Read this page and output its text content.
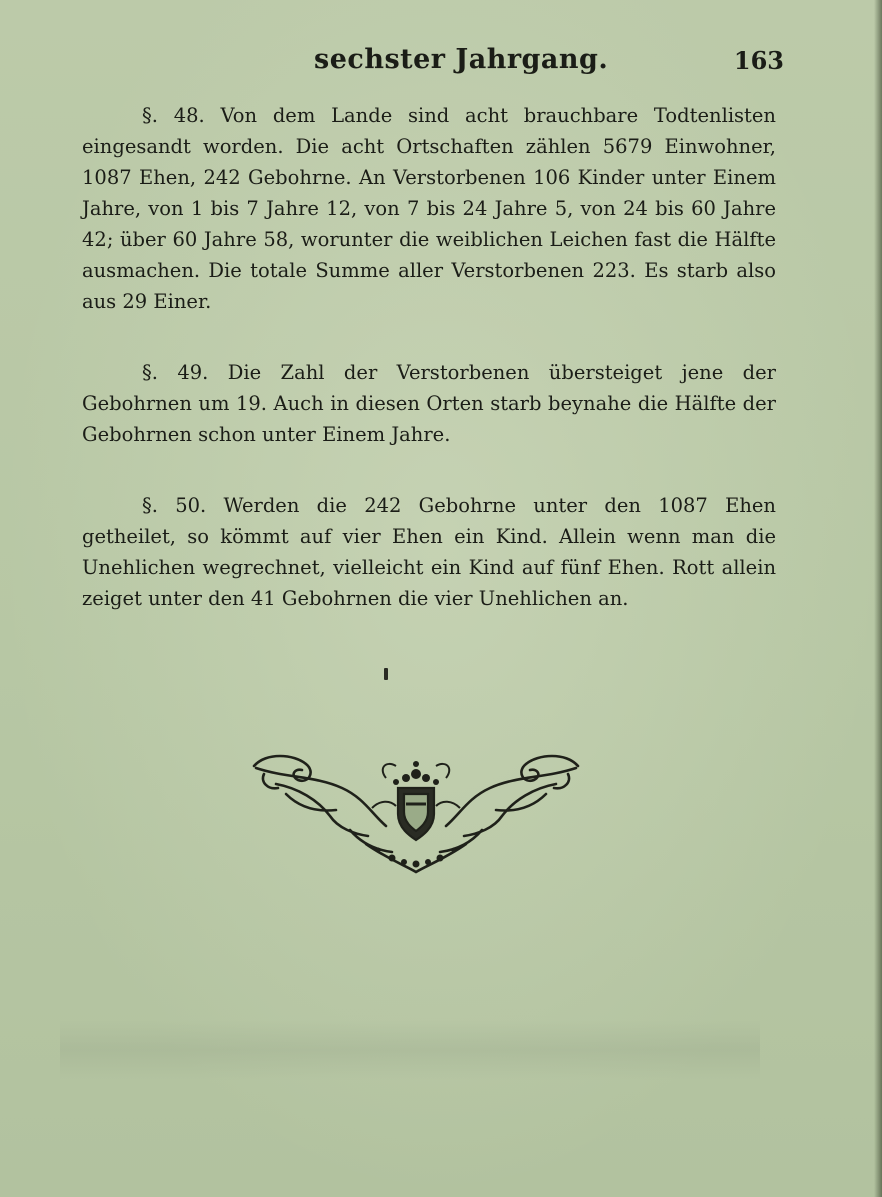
sechster Jahrgang.	163

§. 48. Von dem Lande sind acht brauchbare Todtenlisten eingesandt worden. Die acht Ortschaften zählen 5679 Einwohner, 1087 Ehen, 242 Gebohrne. An Verstorbenen 106 Kinder unter Einem Jahre, von 1 bis 7 Jahre 12, von 7 bis 24 Jahre 5, von 24 bis 60 Jahre 42; über 60 Jahre 58, worunter die weiblichen Leichen fast die Hälfte ausmachen. Die totale Summe aller Verstorbenen 223. Es starb also aus 29 Einer.

§. 49. Die Zahl der Verstorbenen übersteiget jene der Gebohrnen um 19. Auch in diesen Orten starb beynahe die Hälfte der Gebohrnen schon unter Einem Jahre.

§. 50. Werden die 242 Gebohrne unter den 1087 Ehen getheilet, so kömmt auf vier Ehen ein Kind. Allein wenn man die Unehlichen wegrechnet, vielleicht ein Kind auf fünf Ehen. Rott allein zeiget unter den 41 Gebohrnen die vier Unehlichen an.
